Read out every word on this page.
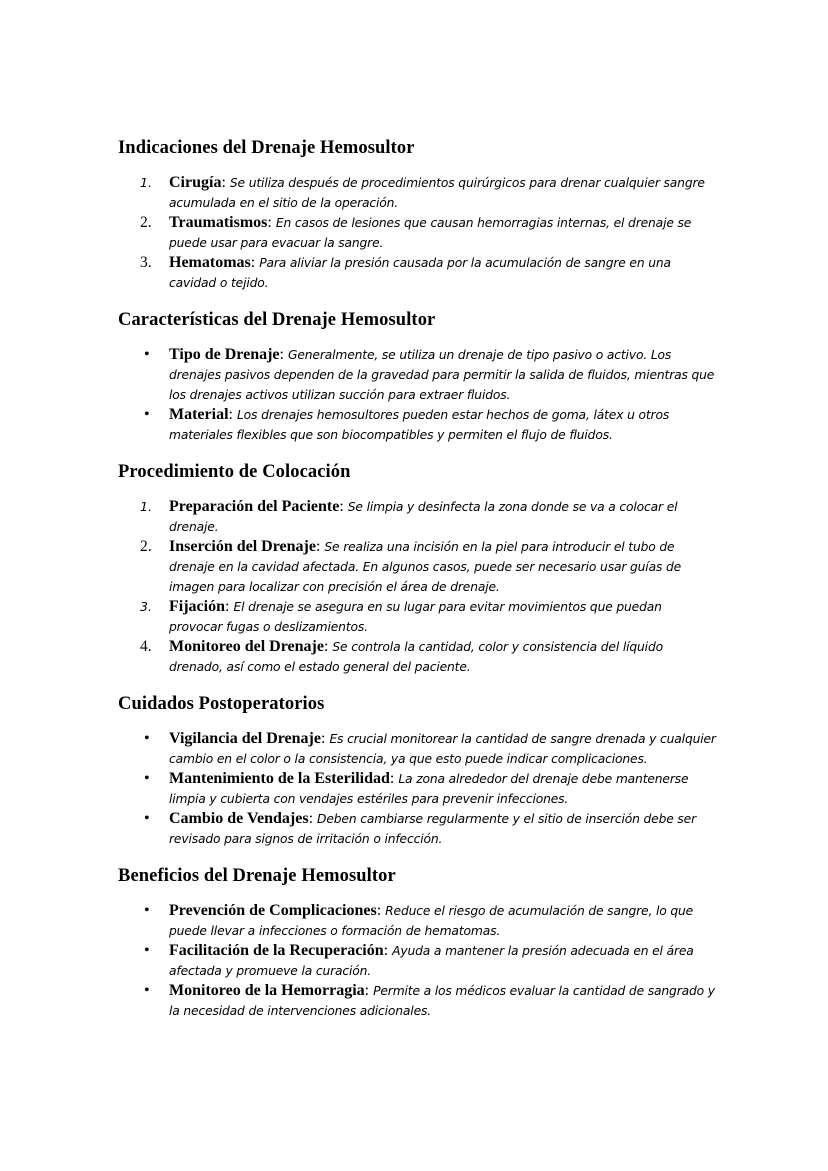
Indicaciones del Drenaje Hemosultor
1.	Cirugía: Se utiliza después de procedimientos quirúrgicos para drenar cualquier sangre acumulada en el sitio de la operación.
2.	Traumatismos: En casos de lesiones que causan hemorragias internas, el drenaje se puede usar para evacuar la sangre.
3.	Hematomas: Para aliviar la presión causada por la acumulación de sangre en una cavidad o tejido.
Características del Drenaje Hemosultor
•	Tipo de Drenaje: Generalmente, se utiliza un drenaje de tipo pasivo o activo. Los drenajes pasivos dependen de la gravedad para permitir la salida de fluidos, mientras que los drenajes activos utilizan succión para extraer fluidos.
•	Material: Los drenajes hemosultores pueden estar hechos de goma, látex u otros materiales flexibles que son biocompatibles y permiten el flujo de fluidos.
Procedimiento de Colocación
1.	Preparación del Paciente: Se limpia y desinfecta la zona donde se va a colocar el drenaje.
2.	Inserción del Drenaje: Se realiza una incisión en la piel para introducir el tubo de drenaje en la cavidad afectada. En algunos casos, puede ser necesario usar guías de imagen para localizar con precisión el área de drenaje.
3.	Fijación: El drenaje se asegura en su lugar para evitar movimientos que puedan provocar fugas o deslizamientos.
4.	Monitoreo del Drenaje: Se controla la cantidad, color y consistencia del líquido drenado, así como el estado general del paciente.
Cuidados Postoperatorios
•	Vigilancia del Drenaje: Es crucial monitorear la cantidad de sangre drenada y cualquier cambio en el color o la consistencia, ya que esto puede indicar complicaciones.
•	Mantenimiento de la Esterilidad: La zona alrededor del drenaje debe mantenerse limpia y cubierta con vendajes estériles para prevenir infecciones.
•	Cambio de Vendajes: Deben cambiarse regularmente y el sitio de inserción debe ser revisado para signos de irritación o infección.
Beneficios del Drenaje Hemosultor
•	Prevención de Complicaciones: Reduce el riesgo de acumulación de sangre, lo que puede llevar a infecciones o formación de hematomas.
•	Facilitación de la Recuperación: Ayuda a mantener la presión adecuada en el área afectada y promueve la curación.
•	Monitoreo de la Hemorragia: Permite a los médicos evaluar la cantidad de sangrado y la necesidad de intervenciones adicionales.
